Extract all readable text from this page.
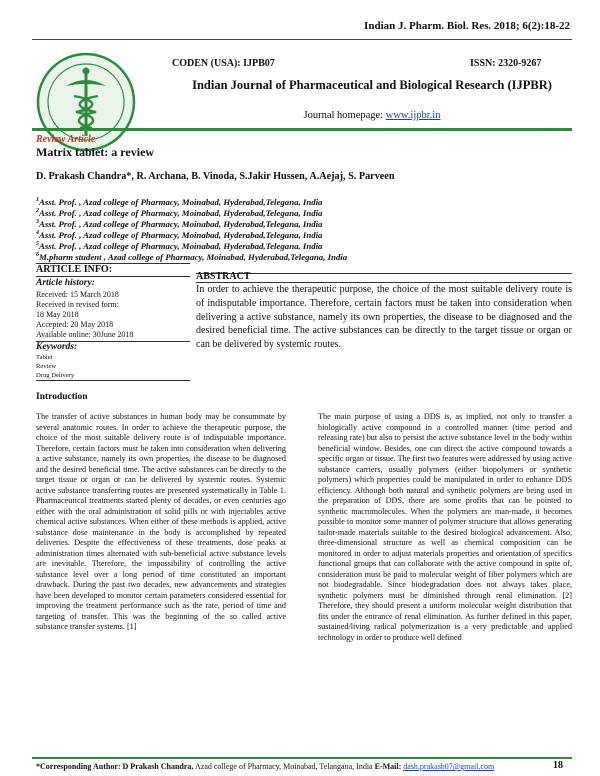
Indian J. Pharm. Biol. Res. 2018; 6(2):18-22
CODEN (USA): IJPB07	ISSN: 2320-9267
Indian Journal of Pharmaceutical and Biological Research (IJPBR)
Journal homepage: www.ijpbr.in
Review Article
Matrix tablet: a review
D. Prakash Chandra*, R. Archana, B. Vinoda, S.Jakir Hussen, A.Aejaj, S. Parveen
$^1$Asst. Prof. , Azad college of Pharmacy, Moinabad, Hyderabad,Telegana, India
$^2$Asst. Prof. , Azad college of Pharmacy, Moinabad, Hyderabad,Telegana, India
$^3$Asst. Prof. , Azad college of Pharmacy, Moinabad, Hyderabad,Telegana, India
$^4$Asst. Prof. , Azad college of Pharmacy, Moinabad, Hyderabad,Telegana, India
$^5$Asst. Prof. , Azad college of Pharmacy, Moinabad, Hyderabad,Telegana, India
$^6$M.pharm student , Azad college of Pharmacy, Moinabad, Hyderabad,Telegana, India
ARTICLE INFO:
Article history:
Received: 15 March 2018
Received in revised form:
18 May 2018
Accepted: 20 May 2018
Available online: 30June 2018
Keywords:
Tablet
Review
Drug Delivery
ABSTRACT
In order to achieve the therapeutic purpose, the choice of the most suitable delivery route is of indisputable importance. Therefore, certain factors must be taken into consideration when delivering a active substance, namely its own properties, the disease to be diagnosed and the desired beneficial time. The active substances can be directly to the target tissue or organ or can be delivered by systemic routes.
Introduction

The transfer of active substances in human body may be consummate by several anatomic routes. In order to achieve the therapeutic purpose, the choice of the most suitable delivery route is of indisputable importance. Therefore, certain factors must be taken into consideration when delivering a active substance, namely its own properties, the disease to be diagnosed and the desired beneficial time. The active substances can be directly to the target tissue or organ or can be delivered by systemic routes. Systemic active substance transferring routes are presented systematically in Table 1. Pharmaceutical treatments started plenty of decades, or even centuries ago either with the oral administration of solid pills or with injectables active chemical active substances. When either of these methods is applied, active substance dose maintenance in the body is accomplished by repeated deliveries. Despite the effectiveness of these treatments, dose peaks at administration times alternated with sub-beneficial active substance levels are inevitable. Therefore, the impossibility of controlling the active substance level over a long period of time constituted an important drawback. During the past two decades, new advancements and strategies have been developed to monitor certain parameters considered essential for improving the treatment performance such as the rate, period of time and targeting of transfer. This was the beginning of the so called active substance transfer systems. [1]

The main purpose of using a DDS is, as implied, not only to transfer a biologically active compound in a controlled manner (time period and releasing rate) but also to persist the active substance level in the body within beneficial window. Besides, one can direct the active compound towards a specific organ or tissue. The first two features were addressed by using active substance carriers, usually polymers (either biopolymers or synthetic polymers) which properties could be manipulated in order to enhance DDS efficiency. Although both natural and synthetic polymers are being used in the preparation of DDS, there are some profits that can be pointed to synthetic macromolecules. When the polymers are man-made, it becomes possible to monitor some manner of polymer structure that allows generating tailor-made materials suitable to the desired biological advancement. Also, three-dimensional structure as well as chemical composition can be monitored in order to adjust materials properties and orientation of specifics functional groups that can collaborate with the active compound in spite of, consideration must be paid to molecular weight of fiber polymers which are not biodegradable. Since biodegradation does not always takes place, synthetic polymers must be diminished through renal elimination. [2] Therefore, they should present a uniform molecular weight distribution that fits under the entrance of renal elimination. As further defined in this paper, sustained/living radical polymerization is a very predictable and applied technology in order to produce well defined

*Corresponding Author: D Prakash Chandra, Azad college of Pharmacy, Moinabad, Telangana, India E-Mail: dash.prakash07@gmail.com	18
